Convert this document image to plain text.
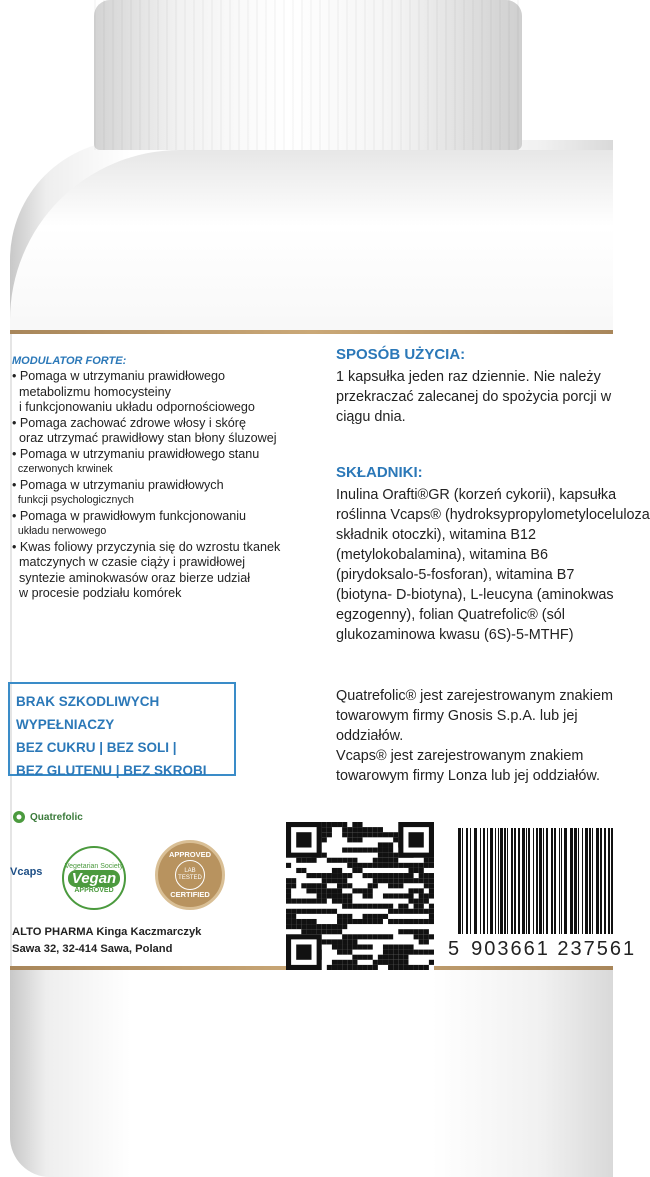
MODULATOR FORTE:
• Pomaga w utrzymaniu prawidłowego
metabolizmu homocysteiny
i funkcjonowaniu układu odpornościowego
• Pomaga zachować zdrowe włosy i skórę
oraz utrzymać prawidłowy stan błony śluzowej
• Pomaga w utrzymaniu prawidłowego stanu
czerwonych krwinek
• Pomaga w utrzymaniu prawidłowych
funkcji psychologicznych
• Pomaga w prawidłowym funkcjonowaniu
układu nerwowego
• Kwas foliowy przyczynia się do wzrostu tkanek
matczynych w czasie ciąży i prawidłowej
syntezie aminokwasów oraz bierze udział
w procesie podziału komórek
BRAK SZKODLIWYCH
WYPEŁNIACZY
BEZ CUKRU | BEZ SOLI |
BEZ GLUTENU | BEZ SKROBI
Quatrefolic
Vcaps	Vegetarian Society
Vegan
APPROVED
APPROVED
LAB TESTED
CERTIFIED
ALTO PHARMA Kinga Kaczmarczyk
Sawa 32, 32-414 Sawa, Poland
SPOSÓB UŻYCIA:
1 kapsułka jeden raz dziennie. Nie należy
przekraczać zalecanej do spożycia porcji w
ciągu dnia.
SKŁADNIKI:
Inulina Orafti®GR (korzeń cykorii), kapsułka
roślinna Vcaps® (hydroksypropylometyloceluloza
składnik otoczki), witamina B12
(metylokobalamina), witamina B6
(pirydoksalo-5-fosforan), witamina B7
(biotyna- D-biotyna), L-leucyna (aminokwas
egzogenny), folian Quatrefolic® (sól
glukozaminowa kwasu (6S)-5-MTHF)
Quatrefolic® jest zarejestrowanym znakiem
towarowym firmy Gnosis S.p.A. lub jej
oddziałów.
Vcaps® jest zarejestrowanym znakiem
towarowym firmy Lonza lub jej oddziałów.
5 903661 237561
